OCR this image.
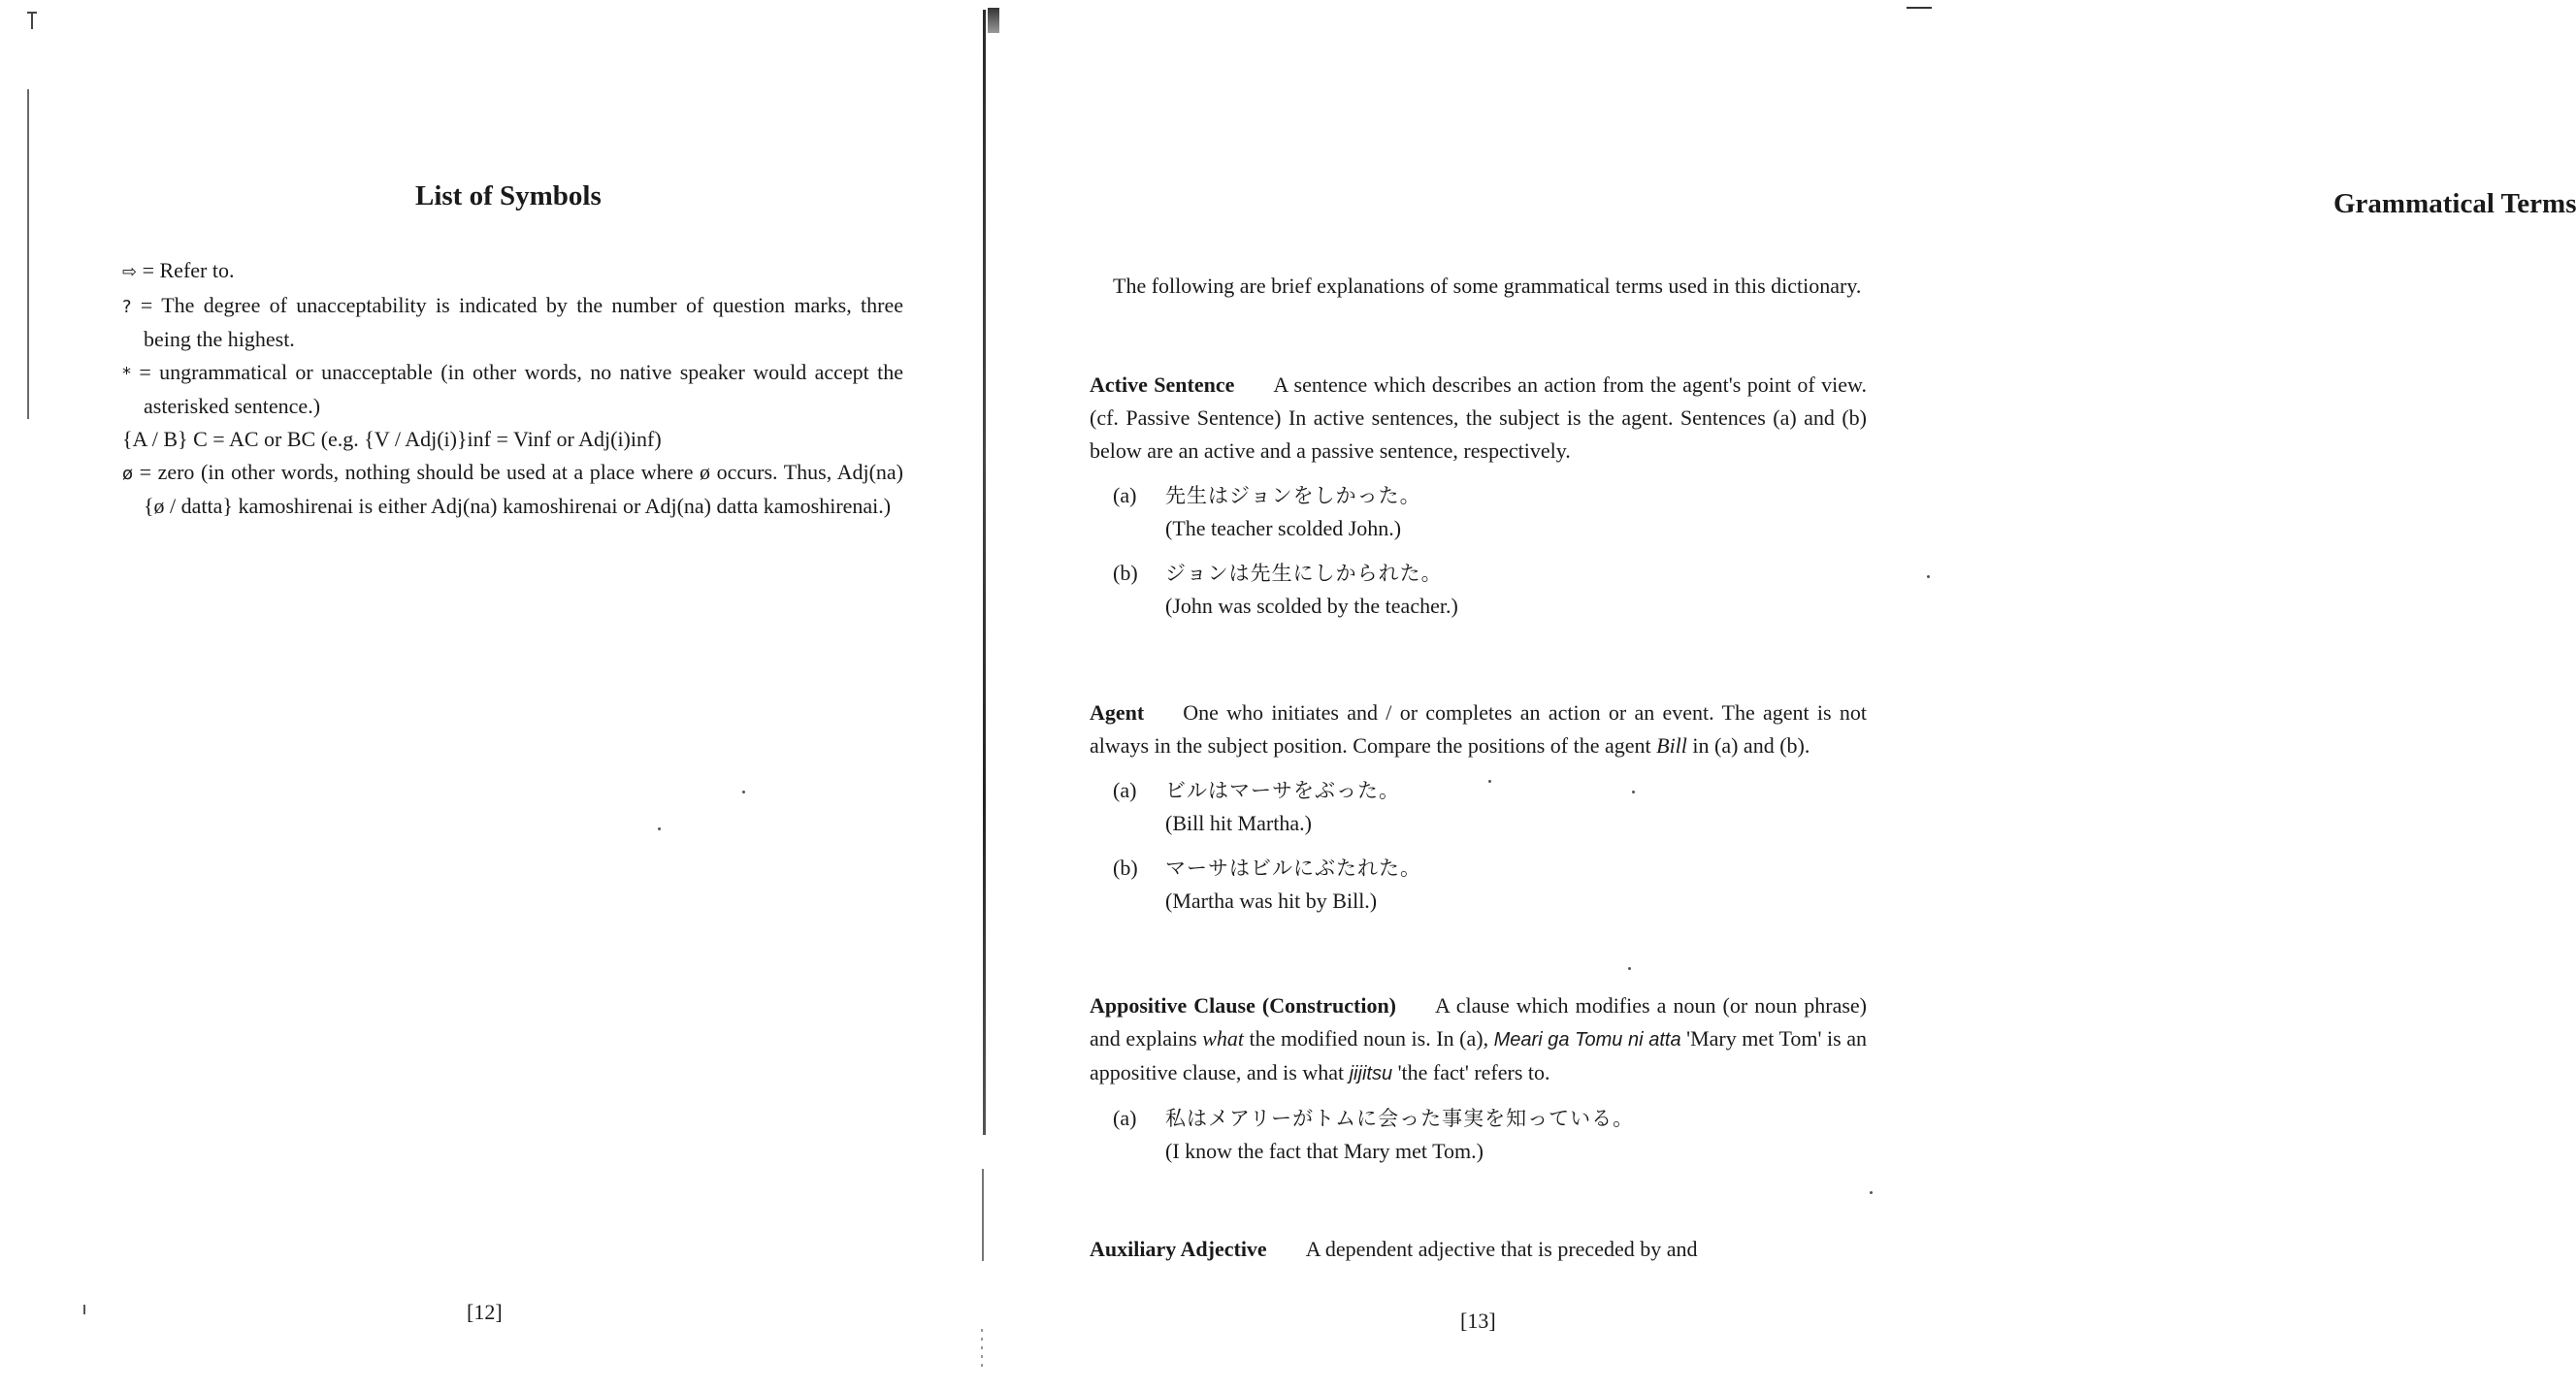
List of Symbols

⇨ = Refer to.

? = The degree of unacceptability is indicated by the number of question marks, three being the highest.

* = ungrammatical or unacceptable (in other words, no native speaker would accept the asterisked sentence.)

{A / B} C = AC or BC (e.g. {V / Adj(i)}inf = Vinf or Adj(i)inf)

ø = zero (in other words, nothing should be used at a place where ø occurs. Thus, Adj(na) {ø / datta} kamoshirenai is either Adj(na) kamoshirenai or Adj(na) datta kamoshirenai.)

[12]

Grammatical Terms

The following are brief explanations of some grammatical terms used in this dictionary.

Active Sentence A sentence which describes an action from the agent's point of view. (cf. Passive Sentence) In active sentences, the subject is the agent. Sentences (a) and (b) below are an active and a passive sentence, respectively.

(a) 先生はジョンをしかった。
(The teacher scolded John.)
(b) ジョンは先生にしかられた。
(John was scolded by the teacher.)

Agent One who initiates and / or completes an action or an event. The agent is not always in the subject position. Compare the positions of the agent Bill in (a) and (b).

(a) ビルはマーサをぶった。
(Bill hit Martha.)
(b) マーサはビルにぶたれた。
(Martha was hit by Bill.)

Appositive Clause (Construction) A clause which modifies a noun (or noun phrase) and explains what the modified noun is. In (a), Meari ga Tomu ni atta 'Mary met Tom' is an appositive clause, and is what jijitsu 'the fact' refers to.

(a) 私はメアリーがトムに会った事実を知っている。
(I know the fact that Mary met Tom.)

Auxiliary Adjective A dependent adjective that is preceded by and

[13]
